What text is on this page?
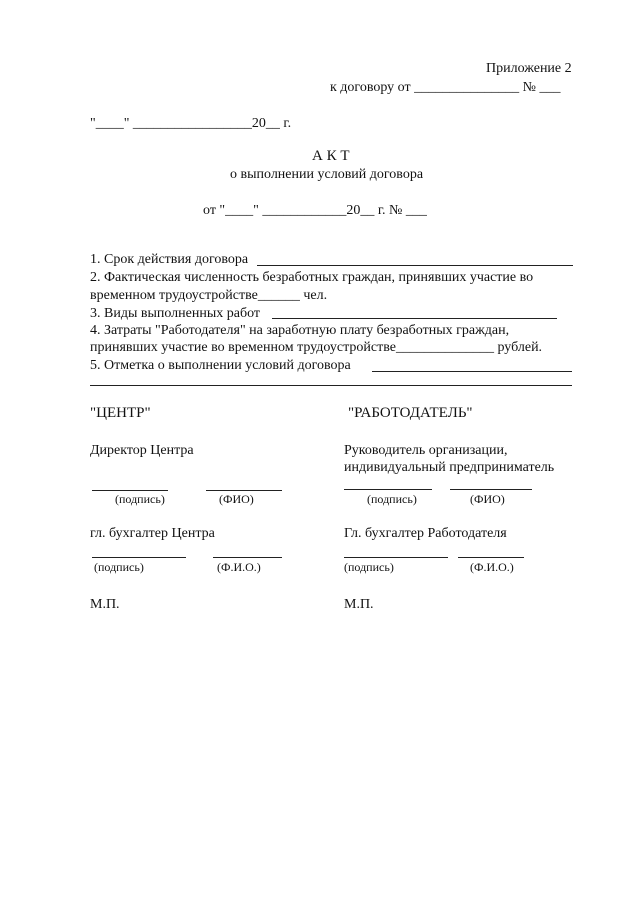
Приложение 2
к договору от _______________ № ___
"____" _________________20__ г.
А К Т
о выполнении условий договора
от "____" ____________20__ г. № ___
1. Срок действия договора
2. Фактическая численность безработных граждан, принявших участие во
временном трудоустройстве______ чел.
3. Виды выполненных работ
4. Затраты "Работодателя" на заработную плату безработных граждан,
принявших участие во временном трудоустройстве______________ рублей.
5. Отметка о выполнении условий договора
"ЦЕНТР"
Директор Центра
(подпись)	(ФИО)
гл. бухгалтер Центра
(подпись)	(Ф.И.О.)
М.П.
"РАБОТОДАТЕЛЬ"
Руководитель организации,
индивидуальный предприниматель
(подпись)	(ФИО)
Гл. бухгалтер Работодателя
(подпись)	(Ф.И.О.)
М.П.
